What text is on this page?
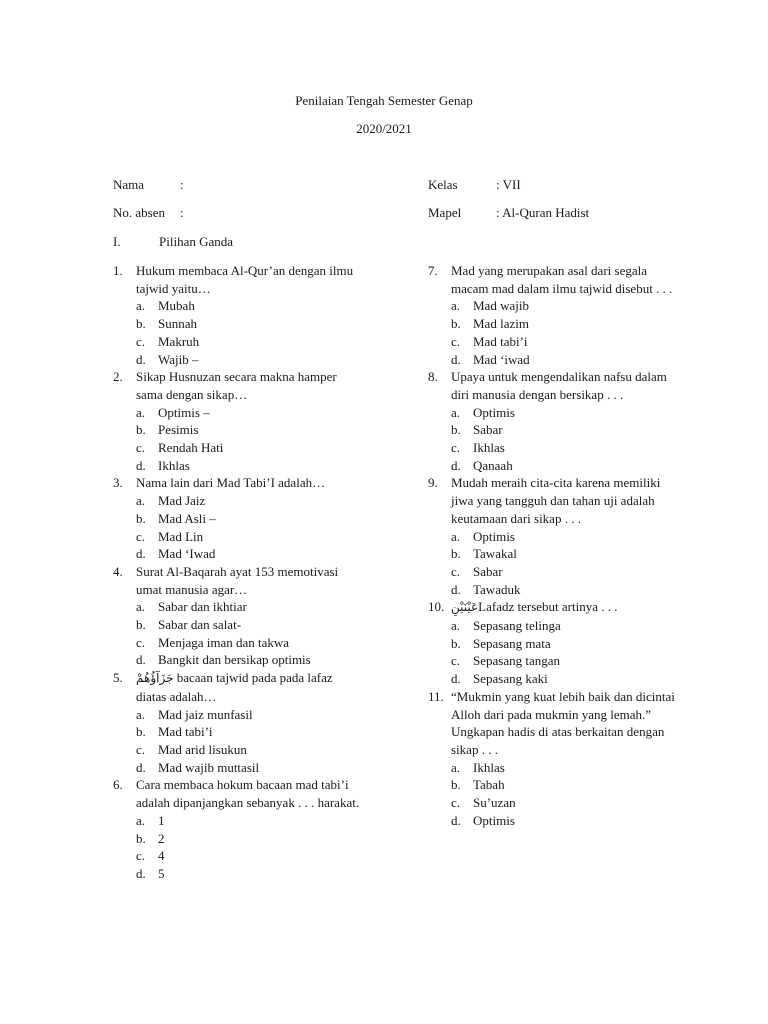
Penilaian Tengah Semester Genap
2020/2021
Nama	:
No. absen :
Kelas	: VII
Mapel	: Al-Quran Hadist
I.	Pilihan Ganda
1. Hukum membaca Al-Qur’an dengan ilmu tajwid yaitu…
a. Mubah
b. Sunnah
c. Makruh
d. Wajib –
2. Sikap Husnuzan secara makna hamper sama dengan sikap…
a. Optimis –
b. Pesimis
c. Rendah Hati
d. Ikhlas
3. Nama lain dari Mad Tabi’I adalah…
a. Mad Jaiz
b. Mad Asli –
c. Mad Lin
d. Mad ‘Iwad
4. Surat Al-Baqarah ayat 153 memotivasi umat manusia agar…
a. Sabar dan ikhtiar
b. Sabar dan salat-
c. Menjaga iman dan takwa
d. Bangkit dan bersikap optimis
5. جَزَآؤُهُمْ bacaan tajwid pada pada lafaz diatas adalah…
a. Mad jaiz munfasil
b. Mad tabi’i
c. Mad arid lisukun
d. Mad wajib muttasil
6. Cara membaca hokum bacaan mad tabi’i adalah dipanjangkan sebanyak . . . harakat.
a. 1
b. 2
c. 4
d. 5
7. Mad yang merupakan asal dari segala macam mad dalam ilmu tajwid disebut . . .
a. Mad wajib
b. Mad lazim
c. Mad tabi’i
d. Mad ‘iwad
8. Upaya untuk mengendalikan nafsu dalam diri manusia dengan bersikap . . .
a. Optimis
b. Sabar
c. Ikhlas
d. Qanaah
9. Mudah meraih cita-cita karena memiliki jiwa yang tangguh dan tahan uji adalah keutamaan dari sikap . . .
a. Optimis
b. Tawakal
c. Sabar
d. Tawaduk
10. عَيْنَيْنِLafadz tersebut artinya . . .
a. Sepasang telinga
b. Sepasang mata
c. Sepasang tangan
d. Sepasang kaki
11. “Mukmin yang kuat lebih baik dan dicintai Alloh dari pada mukmin yang lemah.” Ungkapan hadis di atas berkaitan dengan sikap . . .
a. Ikhlas
b. Tabah
c. Su’uzan
d. Optimis
